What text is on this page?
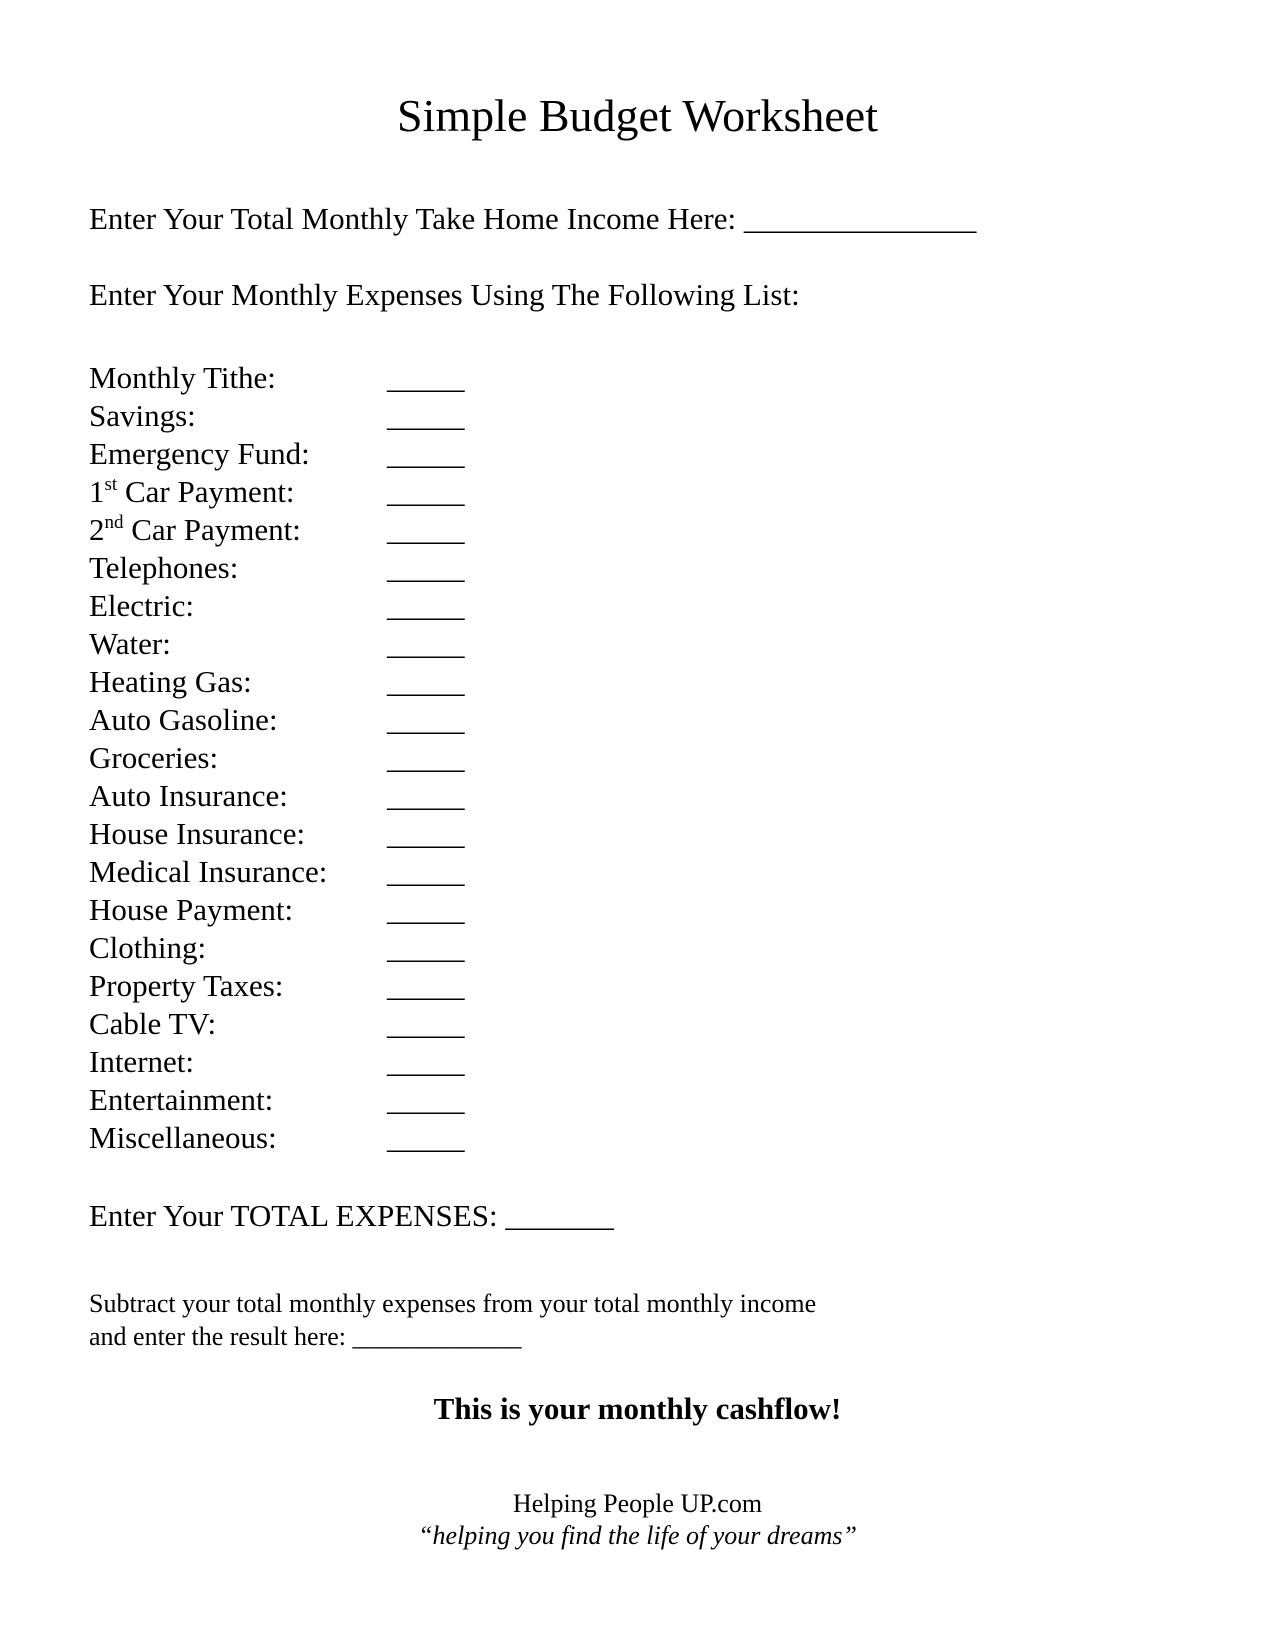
Simple Budget Worksheet
Enter Your Total Monthly Take Home Income Here: _______________
Enter Your Monthly Expenses Using The Following List:
Monthly Tithe:	_____
Savings:	_____
Emergency Fund: _____
1st Car Payment:	_____
2nd Car Payment:	_____
Telephones:	_____
Electric:	_____
Water:	_____
Heating Gas:	_____
Auto Gasoline:	_____
Groceries:	_____
Auto Insurance:	_____
House Insurance:	_____
Medical Insurance: _____
House Payment:	_____
Clothing:	_____
Property Taxes:	_____
Cable TV:	_____
Internet:	_____
Entertainment:	_____
Miscellaneous:	_____
Enter Your TOTAL EXPENSES: _______
Subtract your total monthly expenses from your total monthly income
and enter the result here: _____________
This is your monthly cashflow!
Helping People UP.com
“helping you find the life of your dreams”
